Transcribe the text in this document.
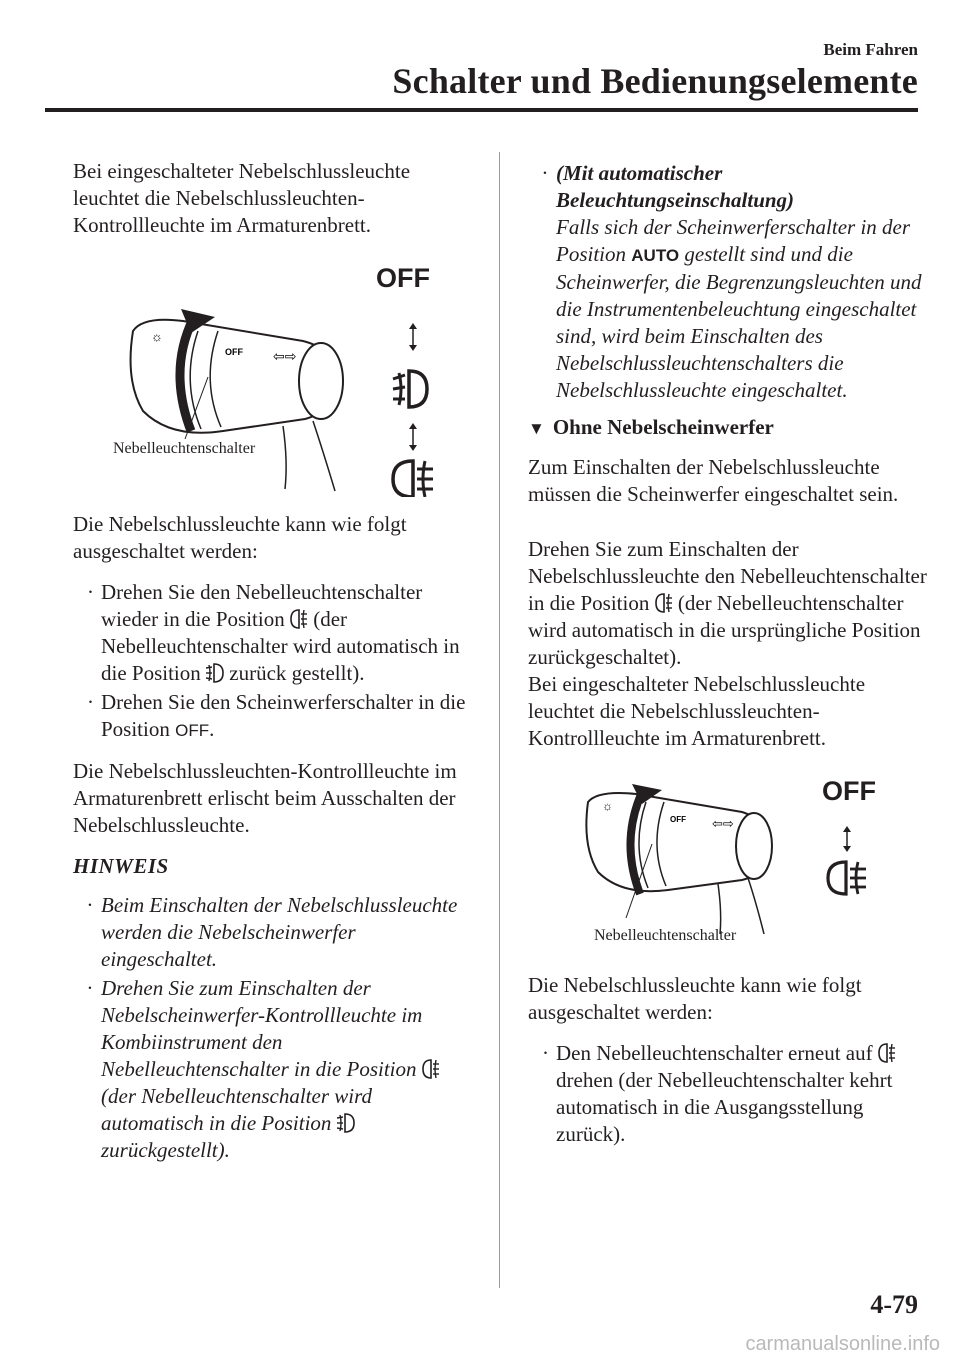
Beim Fahren
Schalter und Bedienungselemente

Bei eingeschalteter Nebelschlussleuchte leuchtet die Nebelschlussleuchten-Kontrollleuchte im Armaturenbrett.

☼
OFF ⇦⇨
OFF
Nebelleuchtenschalter

Die Nebelschlussleuchte kann wie folgt ausgeschaltet werden:

· Drehen Sie den Nebelleuchtenschalter wieder in die Position (der Nebelleuchtenschalter wird automatisch in die Position zurück gestellt).
· Drehen Sie den Scheinwerferschalter in die Position OFF.

Die Nebelschlussleuchten-Kontrollleuchte im Armaturenbrett erlischt beim Ausschalten der Nebelschlussleuchte.

HINWEIS
· Beim Einschalten der Nebelschlussleuchte werden die Nebelscheinwerfer eingeschaltet.
· Drehen Sie zum Einschalten der Nebelscheinwerfer-Kontrollleuchte im Kombiinstrument den Nebelleuchtenschalter in die Position  (der Nebelleuchtenschalter wird automatisch in die Position  zurückgestellt).
· (Mit automatischer Beleuchtungseinschaltung)
Falls sich der Scheinwerferschalter in der Position AUTO gestellt sind und die Scheinwerfer, die Begrenzungsleuchten und die Instrumentenbeleuchtung eingeschaltet sind, wird beim Einschalten des Nebelschlussleuchtenschalters die Nebelschlussleuchte eingeschaltet.
▼ Ohne Nebelscheinwerfer

Zum Einschalten der Nebelschlussleuchte müssen die Scheinwerfer eingeschaltet sein.

Drehen Sie zum Einschalten der Nebelschlussleuchte den Nebelleuchtenschalter in die Position (der Nebelleuchtenschalter wird automatisch in die ursprüngliche Position zurückgeschaltet).

Bei eingeschalteter Nebelschlussleuchte leuchtet die Nebelschlussleuchten-Kontrollleuchte im Armaturenbrett.

☼
OFF ⇦⇨
OFF
Nebelleuchtenschalter

Die Nebelschlussleuchte kann wie folgt ausgeschaltet werden:

· Den Nebelleuchtenschalter erneut auf  drehen (der Nebelleuchtenschalter kehrt automatisch in die Ausgangsstellung zurück).
4-79
carmanualsonline.info
